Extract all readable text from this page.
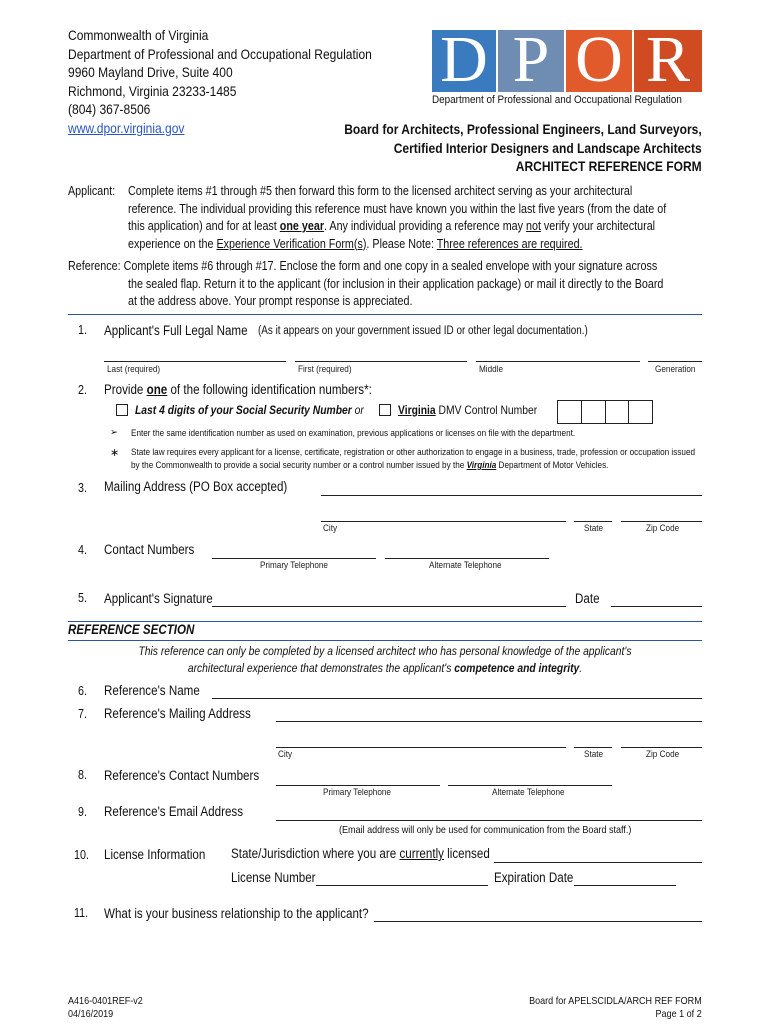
Commonwealth of Virginia
Department of Professional and Occupational Regulation
9960 Mayland Drive, Suite 400
Richmond, Virginia 23233-1485
(804) 367-8506
www.dpor.virginia.gov
D P O R
Department of Professional and Occupational Regulation
Board for Architects, Professional Engineers, Land Surveyors,
Certified Interior Designers and Landscape Architects
ARCHITECT REFERENCE FORM
Applicant:	Complete items #1 through #5 then forward this form to the licensed architect serving as your architectural
reference. The individual providing this reference must have known you within the last five years (from the date of
this application) and for at least one year. Any individual providing a reference may not verify your architectural
experience on the Experience Verification Form(s). Please Note: Three references are required.
Reference: Complete items #6 through #17. Enclose the form and one copy in a sealed envelope with your signature across
the sealed flap. Return it to the applicant (for inclusion in their application package) or mail it directly to the Board
at the address above. Your prompt response is appreciated.
1. Applicant's Full Legal Name (As it appears on your government issued ID or other legal documentation.)
Last (required)	First (required)	Middle	Generation
2. Provide one of the following identification numbers*:
Last 4 digits of your Social Security Number or	Virginia DMV Control Number
➢ Enter the same identification number as used on examination, previous applications or licenses on file with the department.
∗ State law requires every applicant for a license, certificate, registration or other authorization to engage in a business, trade, profession or occupation issued
by the Commonwealth to provide a social security number or a control number issued by the Virginia Department of Motor Vehicles.
3. Mailing Address (PO Box accepted)
City	State	Zip Code
4. Contact Numbers
Primary Telephone	Alternate Telephone
5. Applicant's Signature	Date
REFERENCE SECTION
This reference can only be completed by a licensed architect who has personal knowledge of the applicant's
architectural experience that demonstrates the applicant's competence and integrity.
6. Reference's Name
7. Reference's Mailing Address
City	State	Zip Code
8. Reference's Contact Numbers
Primary Telephone	Alternate Telephone
9. Reference's Email Address
(Email address will only be used for communication from the Board staff.)
10. License Information	State/Jurisdiction where you are currently licensed
License Number	Expiration Date
11. What is your business relationship to the applicant?
A416-0401REF-v2
04/16/2019
Board for APELSCIDLA/ARCH REF FORM
Page 1 of 2
